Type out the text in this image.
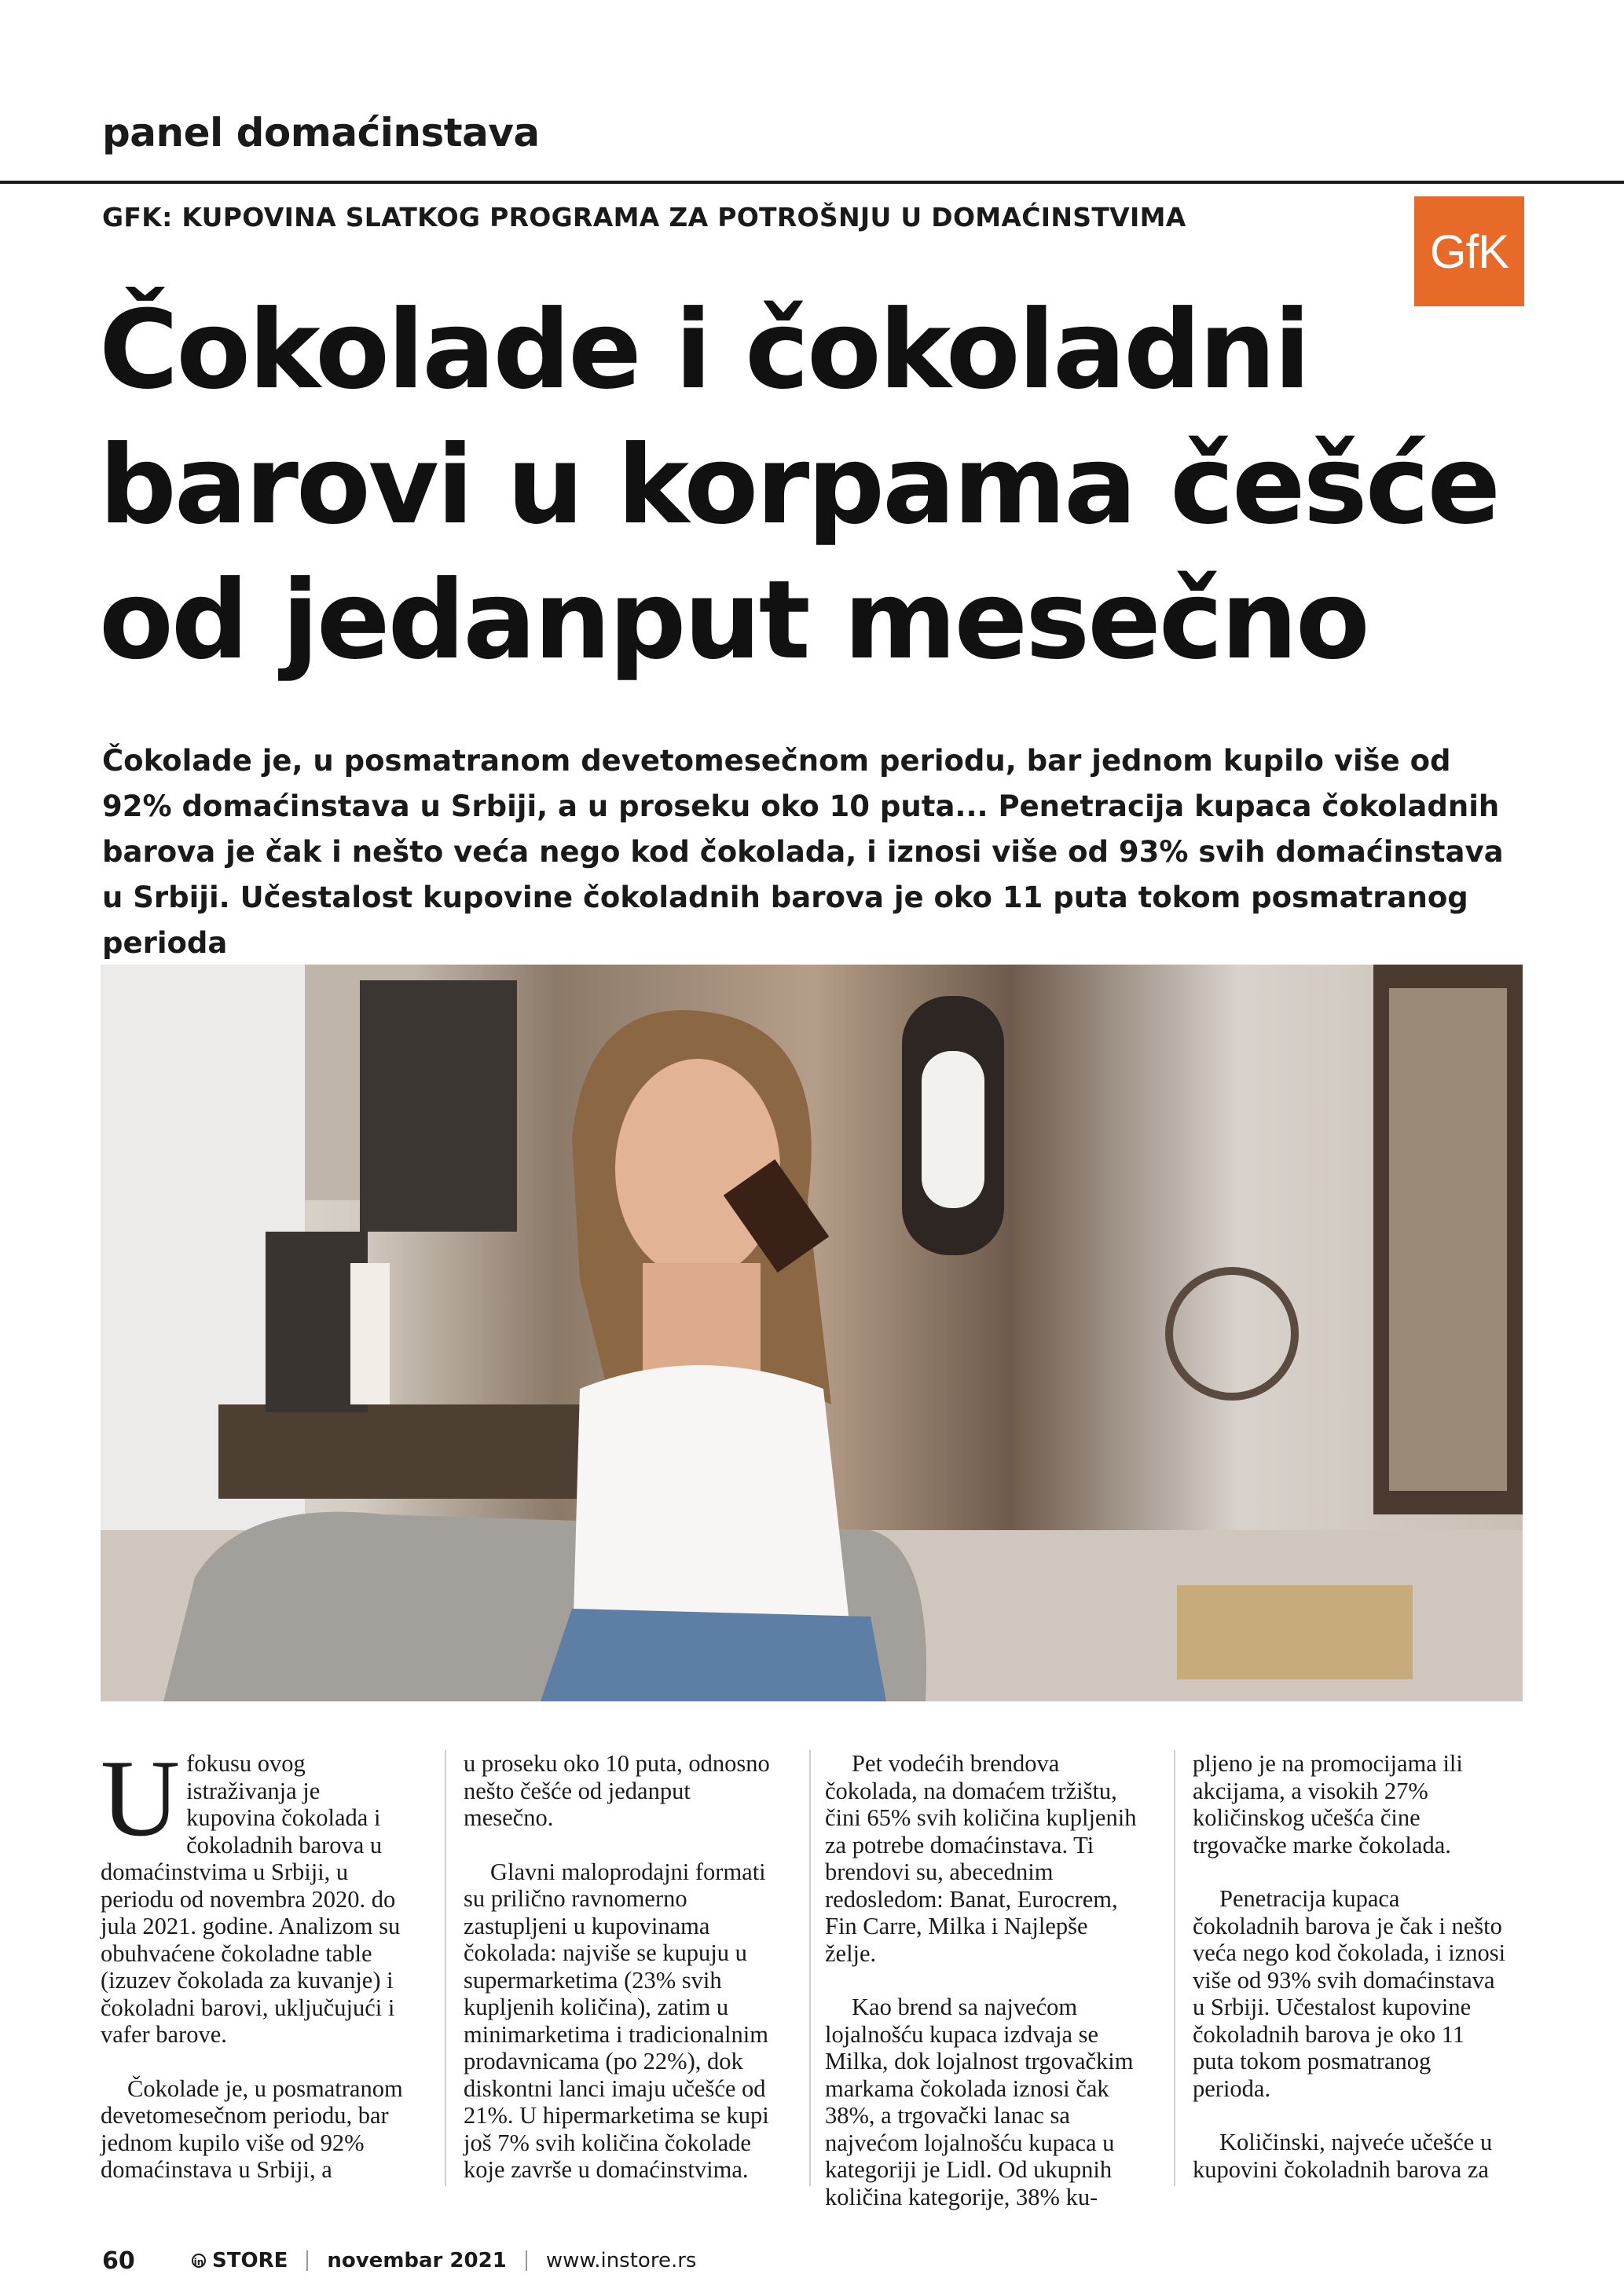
panel domaćinstava
GFK: KUPOVINA SLATKOG PROGRAMA ZA POTROŠNJU U DOMAĆINSTVIMA
GfK
Čokolade i čokoladni
barovi u korpama češće
od jedanput mesečno

Čokolade je, u posmatranom devetomesečnom periodu, bar jednom kupilo više od 92% domaćinstava u Srbiji, a u proseku oko 10 puta... Penetracija kupaca čokoladnih barova je čak i nešto veća nego kod čokolada, i iznosi više od 93% svih domaćinstava u Srbiji. Učestalost kupovine čokoladnih barova je oko 11 puta tokom posmatranog perioda

U fokusu ovog istraživanja je kupovina čokolada i čokoladnih barova u domaćinstvima u Srbiji, u periodu od novembra 2020. do jula 2021. godine. Analizom su obuhvaćene čokoladne table (izuzev čokolada za kuvanje) i čokoladni barovi, uključujući i vafer barove.

Čokolade je, u posmatranom devetomesečnom periodu, bar jednom kupilo više od 92% domaćinstava u Srbiji, a

u proseku oko 10 puta, odnosno nešto češće od jedanput mesečno.

Glavni maloprodajni formati su prilično ravnomerno zastupljeni u kupovinama čokolada: najviše se kupuju u supermarketima (23% svih kupljenih količina), zatim u minimarketima i tradicionalnim prodavnicama (po 22%), dok diskontni lanci imaju učešće od 21%. U hipermarketima se kupi još 7% svih količina čokolade koje završe u domaćinstvima.

Pet vodećih brendova čokolada, na domaćem tržištu, čini 65% svih količina kupljenih za potrebe domaćinstava. Ti brendovi su, abecednim redosledom: Banat, Eurocrem, Fin Carre, Milka i Najlepše želje.

Kao brend sa najvećom lojalnošću kupaca izdvaja se Milka, dok lojalnost trgovačkim markama čokolada iznosi čak 38%, a trgovački lanac sa najvećom lojalnošću kupaca u kategoriji je Lidl. Od ukupnih količina kategorije, 38% ku-

pljeno je na promocijama ili akcijama, a visokih 27% količinskog učešća čine trgovačke marke čokolada.

Penetracija kupaca čokoladnih barova je čak i nešto veća nego kod čokolada, i iznosi više od 93% svih domaćinstava u Srbiji. Učestalost kupovine čokoladnih barova je oko 11 puta tokom posmatranog perioda.

Količinski, najveće učešće u kupovini čokoladnih barova za

60	in STORE novembar 2021 www.instore.rs
